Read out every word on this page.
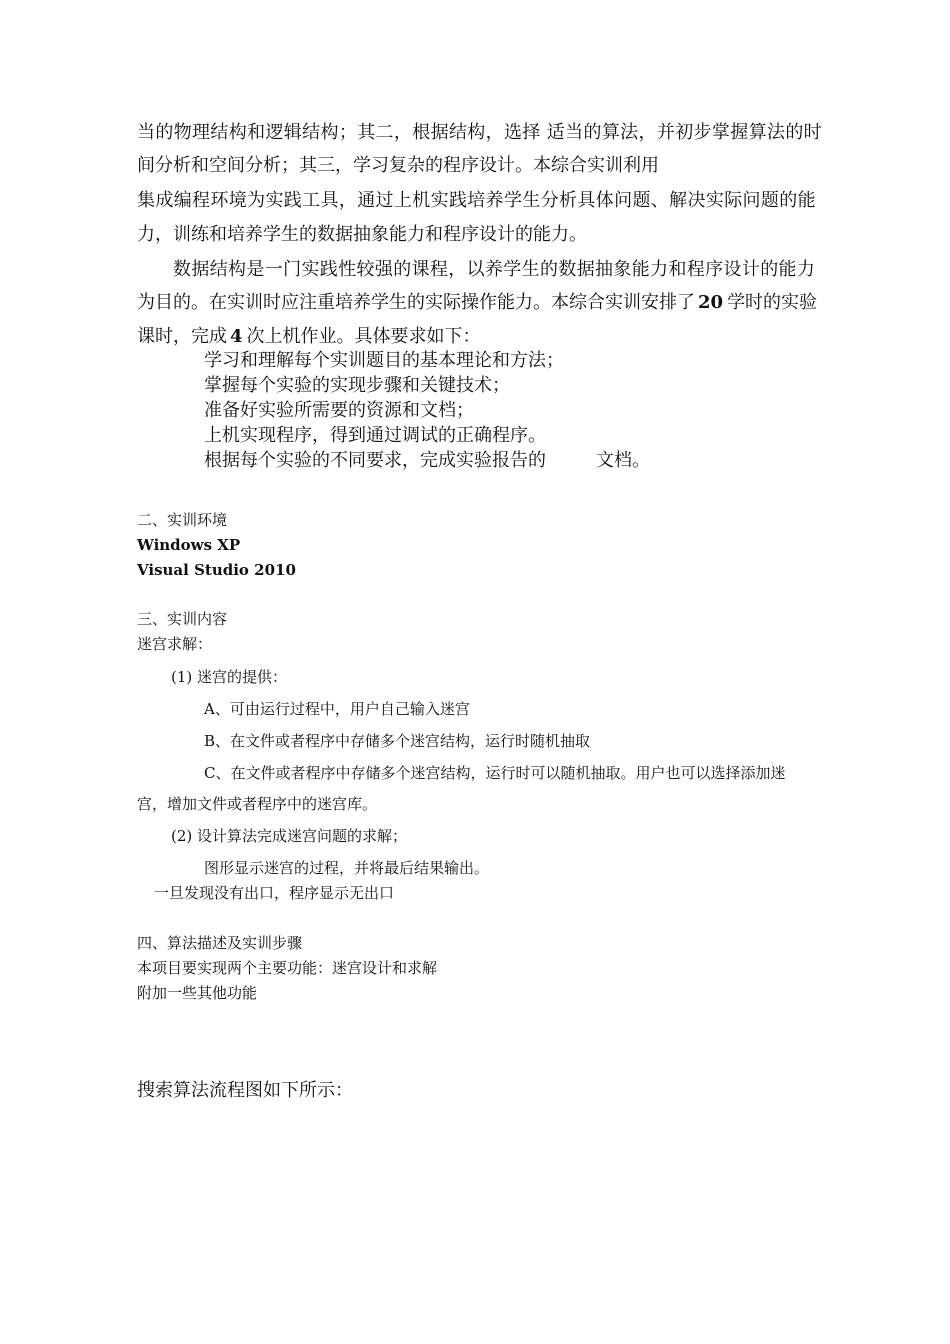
当的物理结构和逻辑结构；其二，根据结构，选择 适当的算法，并初步掌握算法的时
间分析和空间分析；其三，学习复杂的程序设计。本综合实训利用
集成编程环境为实践工具，通过上机实践培养学生分析具体问题、解决实际问题的能
力，训练和培养学生的数据抽象能力和程序设计的能力。
数据结构是一门实践性较强的课程，以养学生的数据抽象能力和程序设计的能力
为目的。在实训时应注重培养学生的实际操作能力。本综合实训安排了 20 学时的实验
课时，完成 4 次上机作业。具体要求如下：
学习和理解每个实训题目的基本理论和方法；
掌握每个实验的实现步骤和关键技术；
准备好实验所需要的资源和文档；
上机实现程序，得到通过调试的正确程序。
根据每个实验的不同要求，完成实验报告的	文档。
二、实训环境
Windows XP
Visual Studio 2010
三、实训内容
迷宫求解：
(1) 迷宫的提供：
A、可由运行过程中，用户自己输入迷宫
B、在文件或者程序中存储多个迷宫结构，运行时随机抽取
C、在文件或者程序中存储多个迷宫结构，运行时可以随机抽取。用户也可以选择添加迷
宫，增加文件或者程序中的迷宫库。
(2) 设计算法完成迷宫问题的求解；
图形显示迷宫的过程，并将最后结果输出。
一旦发现没有出口，程序显示无出口
四、算法描述及实训步骤
本项目要实现两个主要功能：迷宫设计和求解
附加一些其他功能
搜索算法流程图如下所示：
